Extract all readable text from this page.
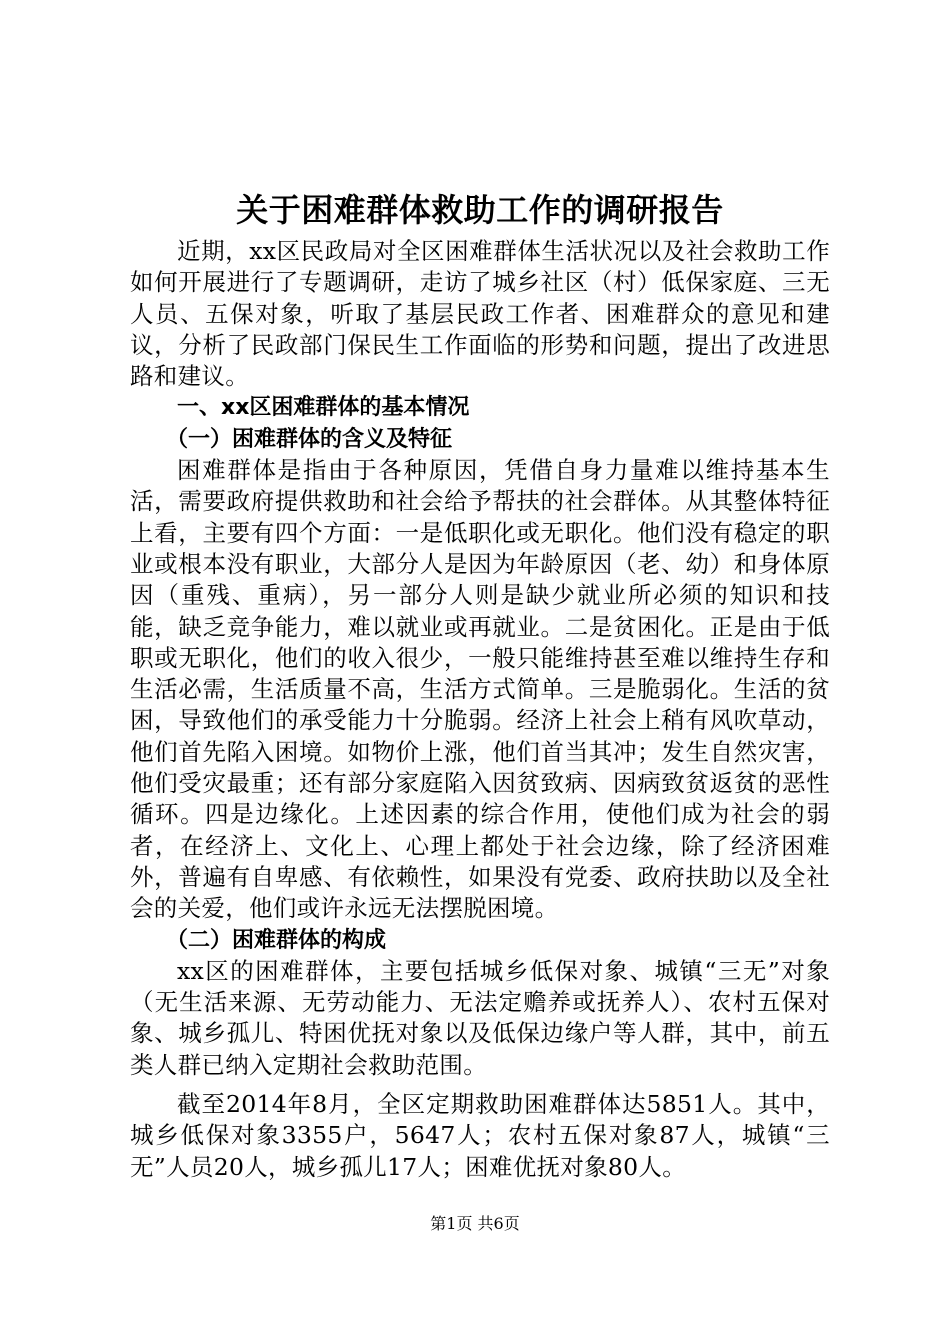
关于困难群体救助工作的调研报告

近期，xx区民政局对全区困难群体生活状况以及社会救助工作如何开展进行了专题调研，走访了城乡社区（村）低保家庭、三无人员、五保对象，听取了基层民政工作者、困难群众的意见和建议，分析了民政部门保民生工作面临的形势和问题，提出了改进思路和建议。

一、xx区困难群体的基本情况
（一）困难群体的含义及特征

困难群体是指由于各种原因，凭借自身力量难以维持基本生活，需要政府提供救助和社会给予帮扶的社会群体。从其整体特征上看，主要有四个方面：一是低职化或无职化。他们没有稳定的职业或根本没有职业，大部分人是因为年龄原因（老、幼）和身体原因（重残、重病），另一部分人则是缺少就业所必须的知识和技能，缺乏竞争能力，难以就业或再就业。二是贫困化。正是由于低职或无职化，他们的收入很少，一般只能维持甚至难以维持生存和生活必需，生活质量不高，生活方式简单。三是脆弱化。生活的贫困，导致他们的承受能力十分脆弱。经济上社会上稍有风吹草动，他们首先陷入困境。如物价上涨，他们首当其冲；发生自然灾害，他们受灾最重；还有部分家庭陷入因贫致病、因病致贫返贫的恶性循环。四是边缘化。上述因素的综合作用，使他们成为社会的弱者，在经济上、文化上、心理上都处于社会边缘，除了经济困难外，普遍有自卑感、有依赖性，如果没有党委、政府扶助以及全社会的关爱，他们或许永远无法摆脱困境。

（二）困难群体的构成

xx区的困难群体，主要包括城乡低保对象、城镇“三无”对象（无生活来源、无劳动能力、无法定赡养或抚养人）、农村五保对象、城乡孤儿、特困优抚对象以及低保边缘户等人群，其中，前五类人群已纳入定期社会救助范围。

截至2014年8月，全区定期救助困难群体达5851人。其中，城乡低保对象3355户，5647人；农村五保对象87人，城镇“三无”人员20人，城乡孤儿17人；困难优抚对象80人。

第1页 共6页
